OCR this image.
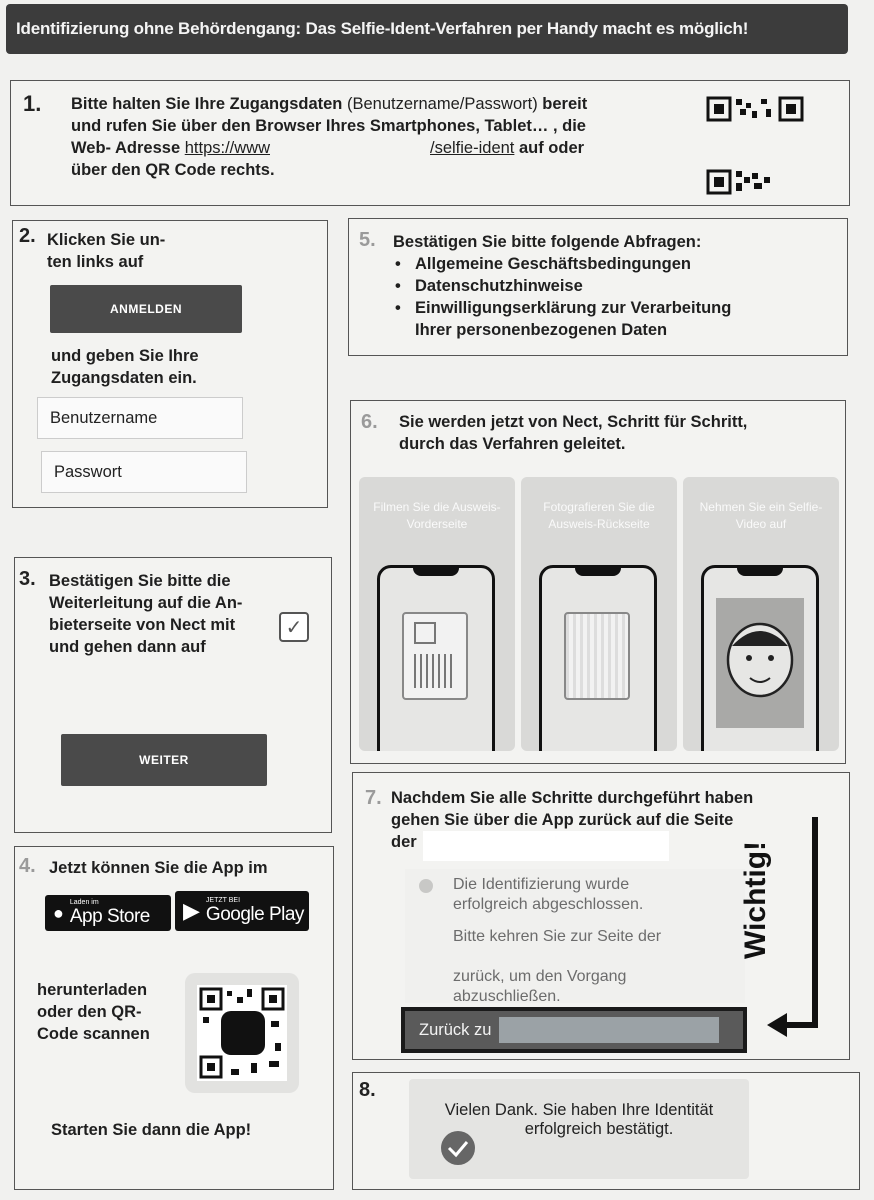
Identifizierung ohne Behördengang: Das Selfie-Ident-Verfahren per Handy macht es möglich!
1. Bitte halten Sie Ihre Zugangsdaten (Benutzername/Passwort) bereit
und rufen Sie über den Browser Ihres Smartphones, Tablet… , die
Web- Adresse https://www	/selfie-ident auf oder
über den QR Code rechts.
2. Klicken Sie un-
ten links auf
ANMELDEN
und geben Sie Ihre
Zugangsdaten ein.
Benutzername
Passwort
3. Bestätigen Sie bitte die
Weiterleitung auf die An-
bieterseite von Nect mit
und gehen dann auf
✓
WEITER
4. Jetzt können Sie die App im
● Laden im
App Store ▶ JETZT BEI
Google Play
herunterladen
oder den QR-
Code scannen
Starten Sie dann die App!
5. Bestätigen Sie bitte folgende Abfragen:
• Allgemeine Geschäftsbedingungen
• Datenschutzhinweise
• Einwilligungserklärung zur Verarbeitung
Ihrer personenbezogenen Daten
6. Sie werden jetzt von Nect, Schritt für Schritt,
durch das Verfahren geleitet.
Filmen Sie die Ausweis-Vorderseite
Fotografieren Sie die Ausweis-Rückseite
Nehmen Sie ein Selfie-Video auf
7. Nachdem Sie alle Schritte durchgeführt haben
gehen Sie über die App zurück auf die Seite
der
Die Identifizierung wurde
erfolgreich abgeschlossen.
Bitte kehren Sie zur Seite der
zurück, um den Vorgang
abzuschließen.
Zurück zu
Wichtig!
8.
Vielen Dank. Sie haben Ihre Identität
erfolgreich bestätigt.
